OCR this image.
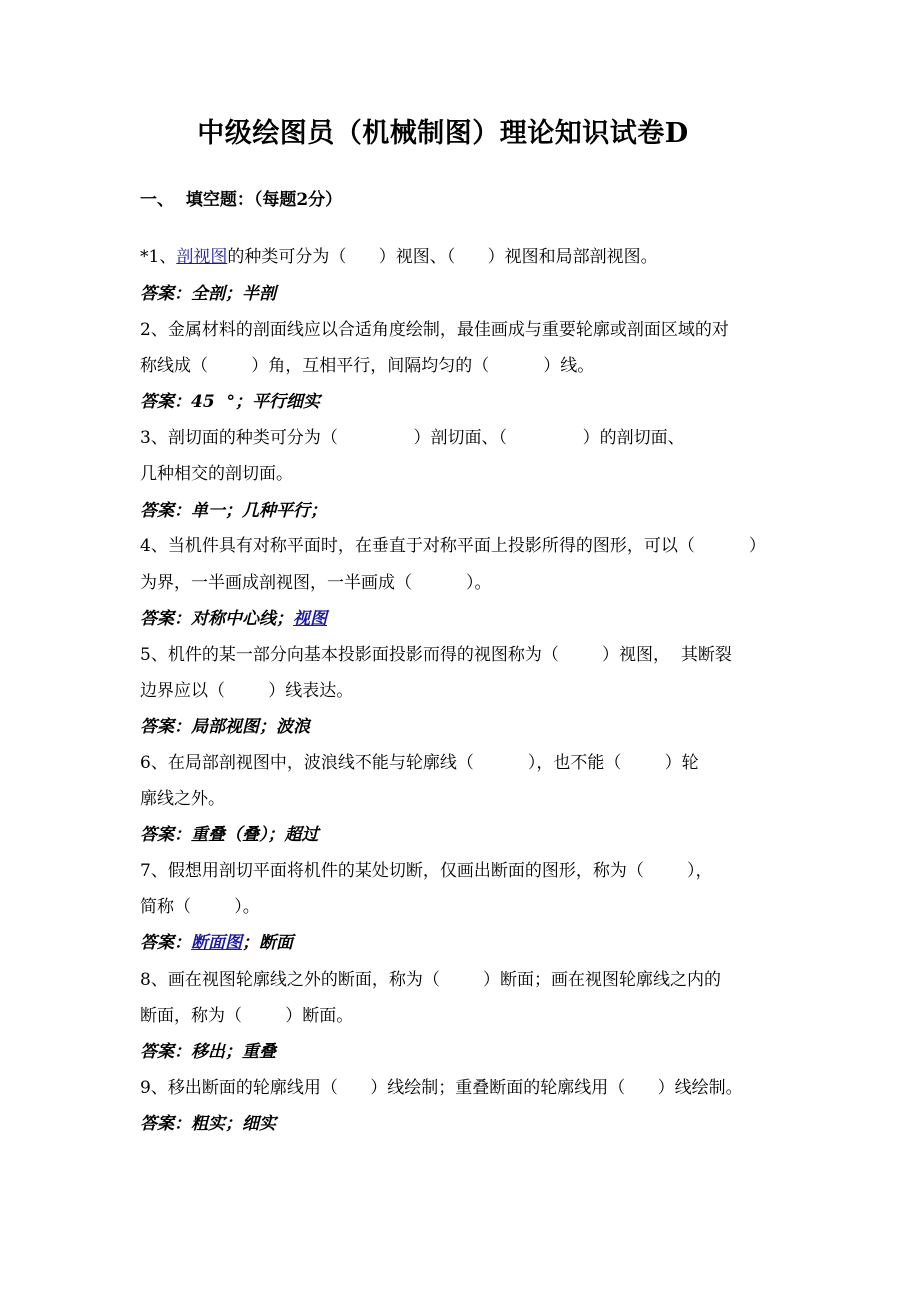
中级绘图员（机械制图）理论知识试卷D
一、  填空题：（每题2分）
*1、剖视图的种类可分为（      ）视图、（      ）视图和局部剖视图。
答案：全剖；半剖
2、金属材料的剖面线应以合适角度绘制，最佳画成与重要轮廓或剖面区域的对
称线成（        ）角，互相平行，间隔均匀的（          ）线。
答案：45  °；平行细实
3、剖切面的种类可分为（              ）剖切面、（              ）的剖切面、
几种相交的剖切面。
答案：单一；几种平行；
4、当机件具有对称平面时，在垂直于对称平面上投影所得的图形，可以（          ）
为界，一半画成剖视图，一半画成（          ）。
答案：对称中心线；视图
5、机件的某一部分向基本投影面投影而得的视图称为（        ）视图，  其断裂
边界应以（        ）线表达。
答案：局部视图；波浪
6、在局部剖视图中，波浪线不能与轮廓线（          ），也不能（        ）轮
廓线之外。
答案：重叠（叠）；超过
7、假想用剖切平面将机件的某处切断，仅画出断面的图形，称为（        ），
简称（        ）。
答案：断面图；断面
8、画在视图轮廓线之外的断面，称为（        ）断面；画在视图轮廓线之内的
断面，称为（        ）断面。
答案：移出；重叠
9、移出断面的轮廓线用（      ）线绘制；重叠断面的轮廓线用（      ）线绘制。
答案：粗实；细实
